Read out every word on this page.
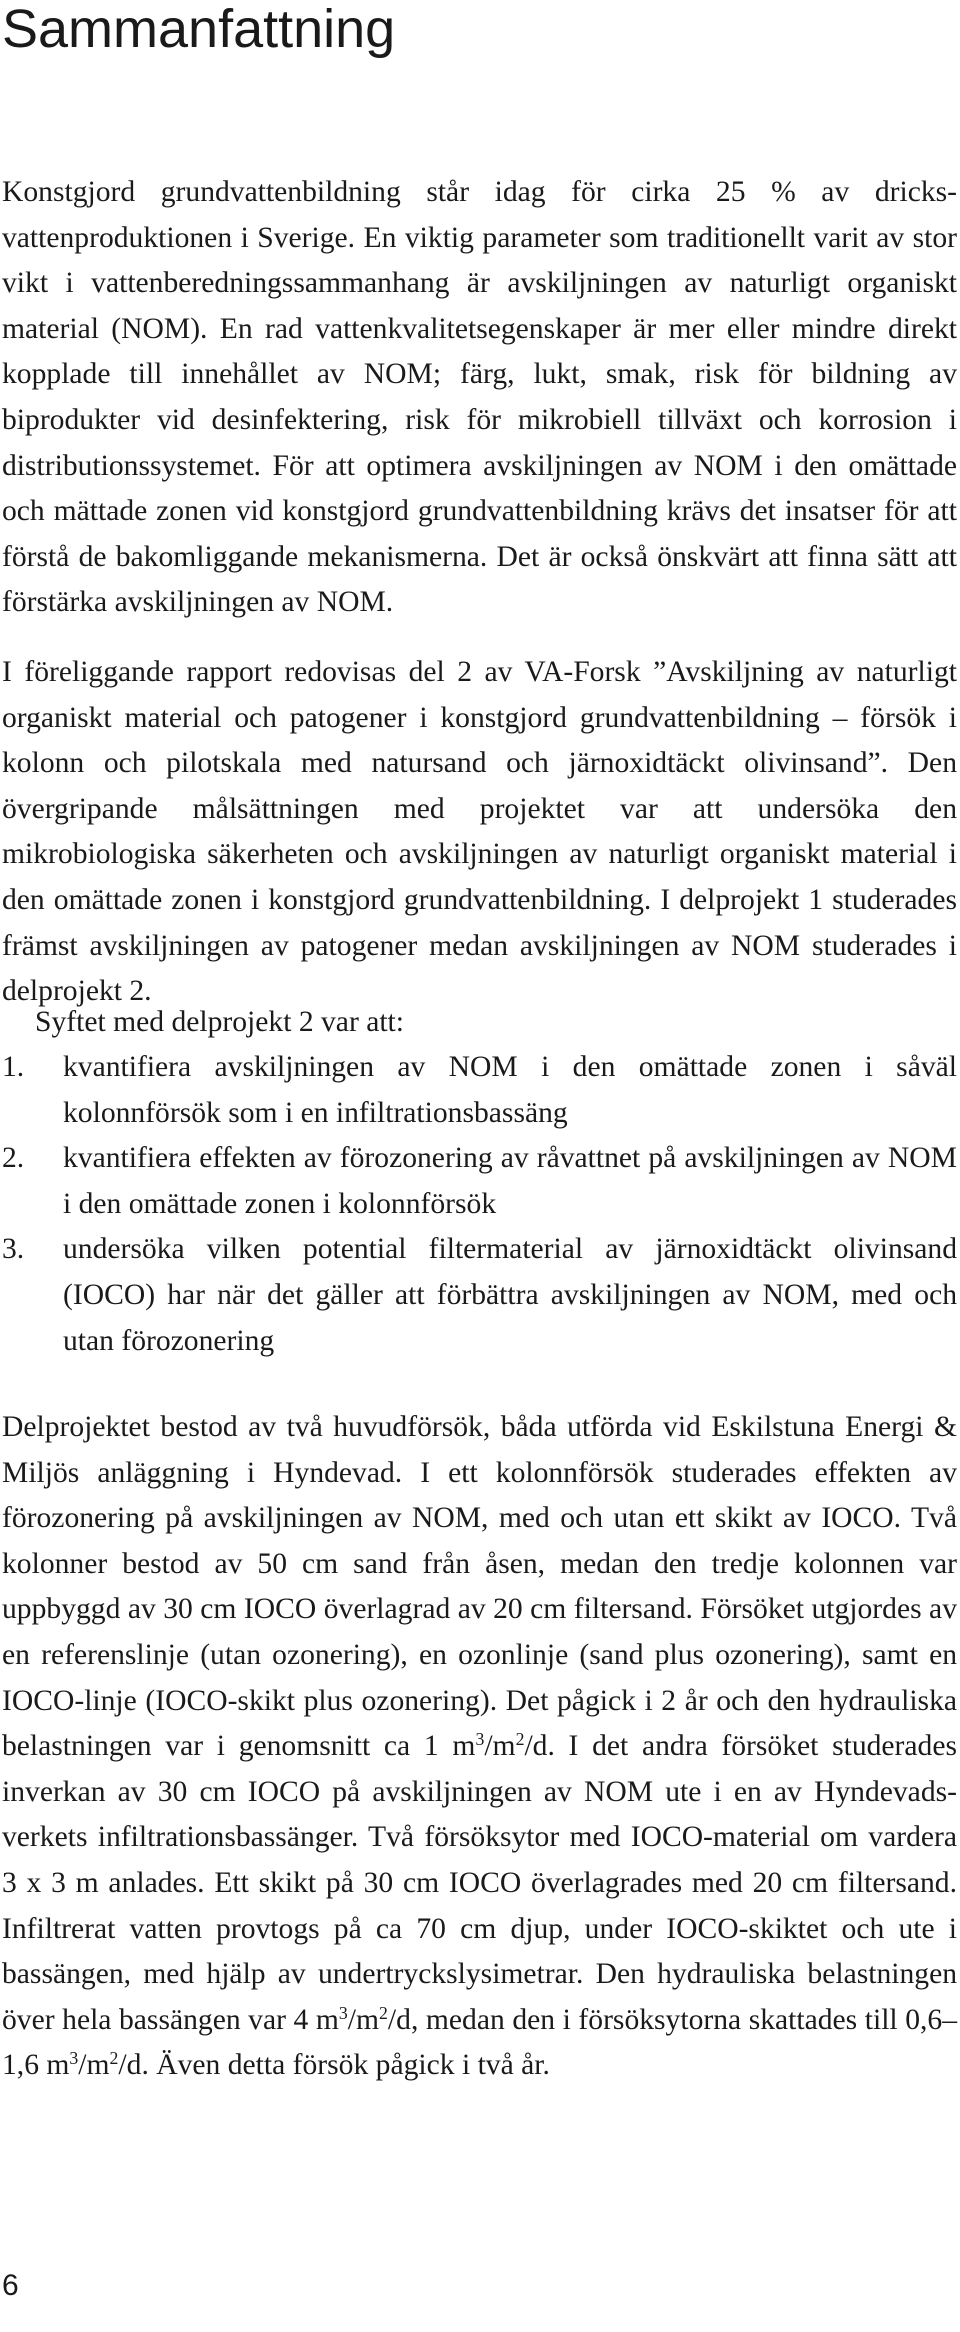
Sammanfattning

Konstgjord grundvattenbildning står idag för cirka 25 % av dricksvattenproduktionen i Sverige. En viktig parameter som traditionellt varit av stor vikt i vattenberedningssammanhang är avskiljningen av naturligt organiskt material (NOM). En rad vattenkvalitetsegenskaper är mer eller mindre direkt kopplade till innehållet av NOM; färg, lukt, smak, risk för bildning av biprodukter vid desinfektering, risk för mikrobiell tillväxt och korrosion i distributionssystemet. För att optimera avskiljningen av NOM i den omättade och mättade zonen vid konstgjord grundvattenbildning krävs det insatser för att förstå de bakomliggande mekanismerna. Det är också önskvärt att finna sätt att förstärka avskiljningen av NOM.

I föreliggande rapport redovisas del 2 av VA-Forsk ”Avskiljning av naturligt organiskt material och patogener i konstgjord grundvattenbildning – försök i kolonn och pilotskala med natursand och järnoxidtäckt olivinsand”. Den övergripande målsättningen med projektet var att undersöka den mikrobiologiska säkerheten och avskiljningen av naturligt organiskt material i den omättade zonen i konstgjord grundvattenbildning. I delprojekt 1 studerades främst avskiljningen av patogener medan avskiljningen av NOM studerades i delprojekt 2.

Syftet med delprojekt 2 var att:

1. kvantifiera avskiljningen av NOM i den omättade zonen i såväl kolonnförsök som i en infiltrationsbassäng
2. kvantifiera effekten av förozonering av råvattnet på avskiljningen av NOM i den omättade zonen i kolonnförsök
3. undersöka vilken potential filtermaterial av järnoxidtäckt olivinsand (IOCO) har när det gäller att förbättra avskiljningen av NOM, med och utan förozonering

Delprojektet bestod av två huvudförsök, båda utförda vid Eskilstuna Energi & Miljös anläggning i Hyndevad. I ett kolonnförsök studerades effekten av förozonering på avskiljningen av NOM, med och utan ett skikt av IOCO. Två kolonner bestod av 50 cm sand från åsen, medan den tredje kolonnen var uppbyggd av 30 cm IOCO överlagrad av 20 cm filtersand. Försöket utgjordes av en referenslinje (utan ozonering), en ozonlinje (sand plus ozonering), samt en IOCO-linje (IOCO-skikt plus ozonering). Det pågick i 2 år och den hydrauliska belastningen var i genomsnitt ca 1 $m^3/m^2/d$. I det andra försöket studerades inverkan av 30 cm IOCO på avskiljningen av NOM ute i en av Hyndevadsverkets infiltrationsbassänger. Två försöksytor med IOCO-material om vardera 3 x 3 m anlades. Ett skikt på 30 cm IOCO överlagrades med 20 cm filtersand. Infiltrerat vatten provtogs på ca 70 cm djup, under IOCO-skiktet och ute i bassängen, med hjälp av undertryckslysimetrar. Den hydrauliska belastningen över hela bassängen var 4 $m^3/m^2/d$, medan den i försöksytorna skattades till 0,6–1,6 $m^3/m^2/d$. Även detta försök pågick i två år.

6
